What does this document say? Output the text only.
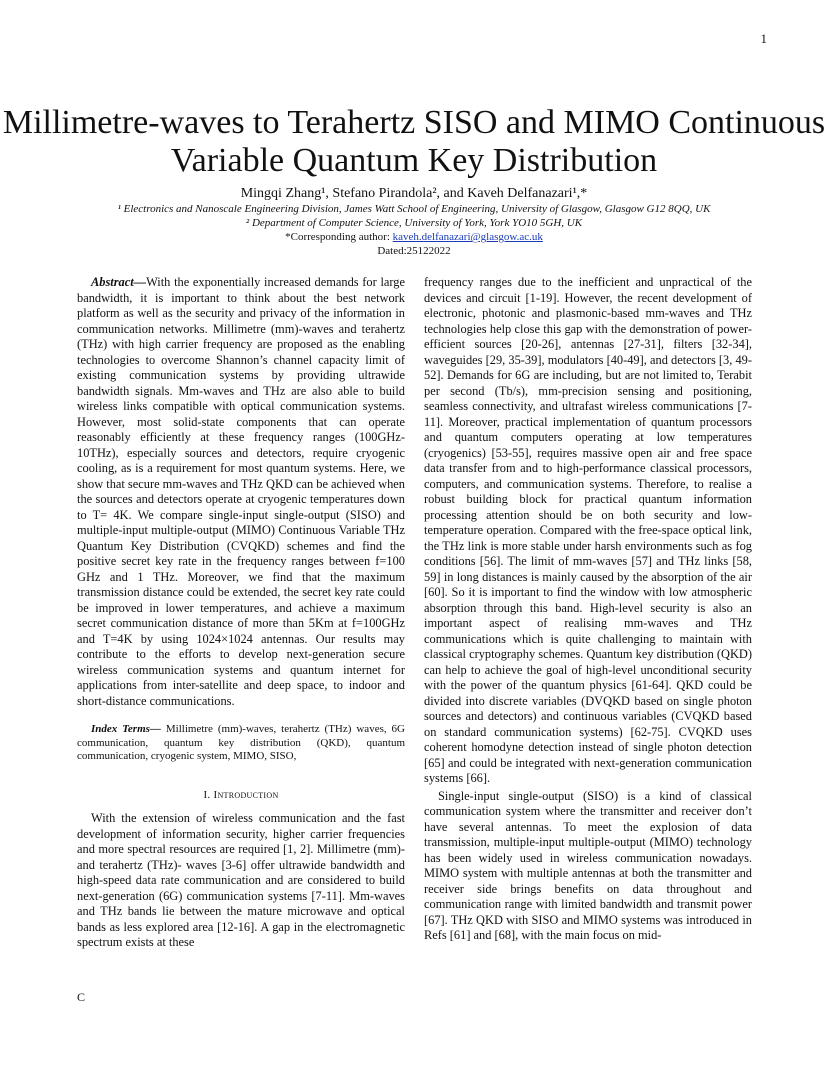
1
Millimetre-waves to Terahertz SISO and MIMO Continuous Variable Quantum Key Distribution
Mingqi Zhang¹, Stefano Pirandola², and Kaveh Delfanazari¹,*
¹ Electronics and Nanoscale Engineering Division, James Watt School of Engineering, University of Glasgow, Glasgow G12 8QQ, UK
² Department of Computer Science, University of York, York YO10 5GH, UK
*Corresponding author: kaveh.delfanazari@glasgow.ac.uk
Dated:25122022

Abstract—With the exponentially increased demands for large bandwidth, it is important to think about the best network platform as well as the security and privacy of the information in communication networks. Millimetre (mm)-waves and terahertz (THz) with high carrier frequency are proposed as the enabling technologies to overcome Shannon’s channel capacity limit of existing communication systems by providing ultrawide bandwidth signals. Mm-waves and THz are also able to build wireless links compatible with optical communication systems. However, most solid-state components that can operate reasonably efficiently at these frequency ranges (100GHz-10THz), especially sources and detectors, require cryogenic cooling, as is a requirement for most quantum systems. Here, we show that secure mm-waves and THz QKD can be achieved when the sources and detectors operate at cryogenic temperatures down to T= 4K. We compare single-input single-output (SISO) and multiple-input multiple-output (MIMO) Continuous Variable THz Quantum Key Distribution (CVQKD) schemes and find the positive secret key rate in the frequency ranges between f=100 GHz and 1 THz. Moreover, we find that the maximum transmission distance could be extended, the secret key rate could be improved in lower temperatures, and achieve a maximum secret communication distance of more than 5Km at f=100GHz and T=4K by using 1024×1024 antennas. Our results may contribute to the efforts to develop next-generation secure wireless communication systems and quantum internet for applications from inter-satellite and deep space, to indoor and short-distance communications.

Index Terms— Millimetre (mm)-waves, terahertz (THz) waves, 6G communication, quantum key distribution (QKD), quantum communication, cryogenic system, MIMO, SISO,

I. Introduction

With the extension of wireless communication and the fast development of information security, higher carrier frequencies and more spectral resources are required [1, 2]. Millimetre (mm)- and terahertz (THz)- waves [3-6] offer ultrawide bandwidth and high-speed data rate communication and are considered to build next-generation (6G) communication systems [7-11]. Mm-waves and THz bands lie between the mature microwave and optical bands as less explored area [12-16]. A gap in the electromagnetic spectrum exists at these

frequency ranges due to the inefficient and unpractical of the devices and circuit [1-19]. However, the recent development of electronic, photonic and plasmonic-based mm-waves and THz technologies help close this gap with the demonstration of power-efficient sources [20-26], antennas [27-31], filters [32-34], waveguides [29, 35-39], modulators [40-49], and detectors [3, 49-52]. Demands for 6G are including, but are not limited to, Terabit per second (Tb/s), mm-precision sensing and positioning, seamless connectivity, and ultrafast wireless communications [7-11]. Moreover, practical implementation of quantum processors and quantum computers operating at low temperatures (cryogenics) [53-55], requires massive open air and free space data transfer from and to high-performance classical processors, computers, and communication systems. Therefore, to realise a robust building block for practical quantum information processing attention should be on both security and low-temperature operation. Compared with the free-space optical link, the THz link is more stable under harsh environments such as fog conditions [56]. The limit of mm-waves [57] and THz links [58, 59] in long distances is mainly caused by the absorption of the air [60]. So it is important to find the window with low atmospheric absorption through this band. High-level security is also an important aspect of realising mm-waves and THz communications which is quite challenging to maintain with classical cryptography schemes. Quantum key distribution (QKD) can help to achieve the goal of high-level unconditional security with the power of the quantum physics [61-64]. QKD could be divided into discrete variables (DVQKD based on single photon sources and detectors) and continuous variables (CVQKD based on standard communication systems) [62-75]. CVQKD uses coherent homodyne detection instead of single photon detection [65] and could be integrated with next-generation communication systems [66].

Single-input single-output (SISO) is a kind of classical communication system where the transmitter and receiver don’t have several antennas. To meet the explosion of data transmission, multiple-input multiple-output (MIMO) technology has been widely used in wireless communication nowadays. MIMO system with multiple antennas at both the transmitter and receiver side brings benefits on data throughout and communication range with limited bandwidth and transmit power [67]. THz QKD with SISO and MIMO systems was introduced in Refs [61] and [68], with the main focus on mid-

C
